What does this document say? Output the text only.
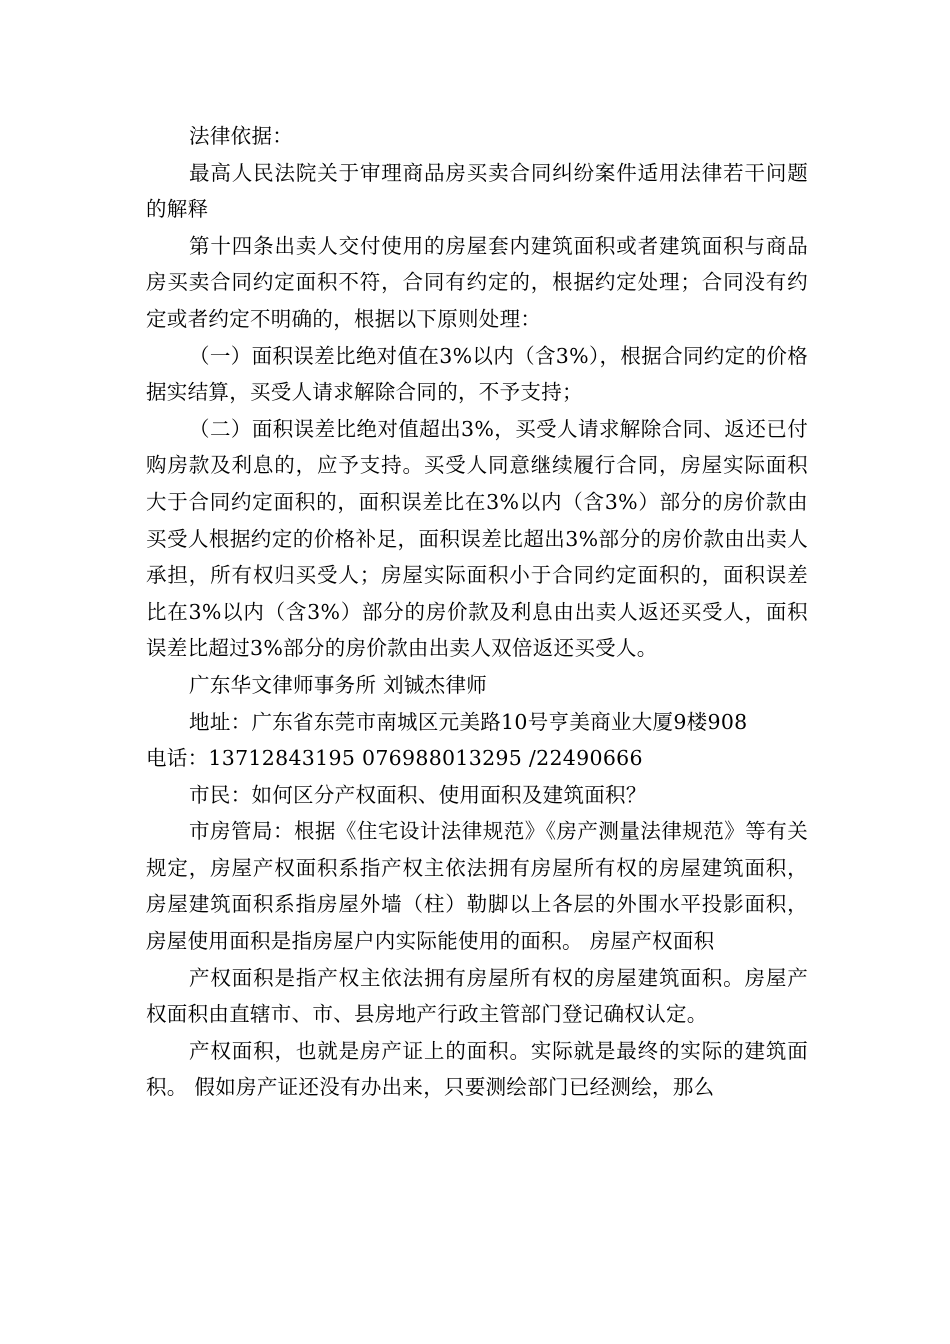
法律依据：

最高人民法院关于审理商品房买卖合同纠纷案件适用法律若干问题的解释

第十四条出卖人交付使用的房屋套内建筑面积或者建筑面积与商品房买卖合同约定面积不符，合同有约定的，根据约定处理；合同没有约定或者约定不明确的，根据以下原则处理：

（一）面积误差比绝对值在3%以内（含3%），根据合同约定的价格据实结算，买受人请求解除合同的，不予支持；

（二）面积误差比绝对值超出3%，买受人请求解除合同、返还已付购房款及利息的，应予支持。买受人同意继续履行合同，房屋实际面积大于合同约定面积的，面积误差比在3%以内（含3%）部分的房价款由买受人根据约定的价格补足，面积误差比超出3%部分的房价款由出卖人承担，所有权归买受人；房屋实际面积小于合同约定面积的，面积误差比在3%以内（含3%）部分的房价款及利息由出卖人返还买受人，面积误差比超过3%部分的房价款由出卖人双倍返还买受人。

广东华文律师事务所 刘铖杰律师

地址：广东省东莞市南城区元美路10号亨美商业大厦9楼908

电话：13712843195 076988013295 /22490666

市民：如何区分产权面积、使用面积及建筑面积？

市房管局：根据《住宅设计法律规范》《房产测量法律规范》等有关规定，房屋产权面积系指产权主依法拥有房屋所有权的房屋建筑面积，房屋建筑面积系指房屋外墙（柱）勒脚以上各层的外围水平投影面积，房屋使用面积是指房屋户内实际能使用的面积。 房屋产权面积

产权面积是指产权主依法拥有房屋所有权的房屋建筑面积。房屋产权面积由直辖市、市、县房地产行政主管部门登记确权认定。

产权面积，也就是房产证上的面积。实际就是最终的实际的建筑面积。 假如房产证还没有办出来，只要测绘部门已经测绘，那么
